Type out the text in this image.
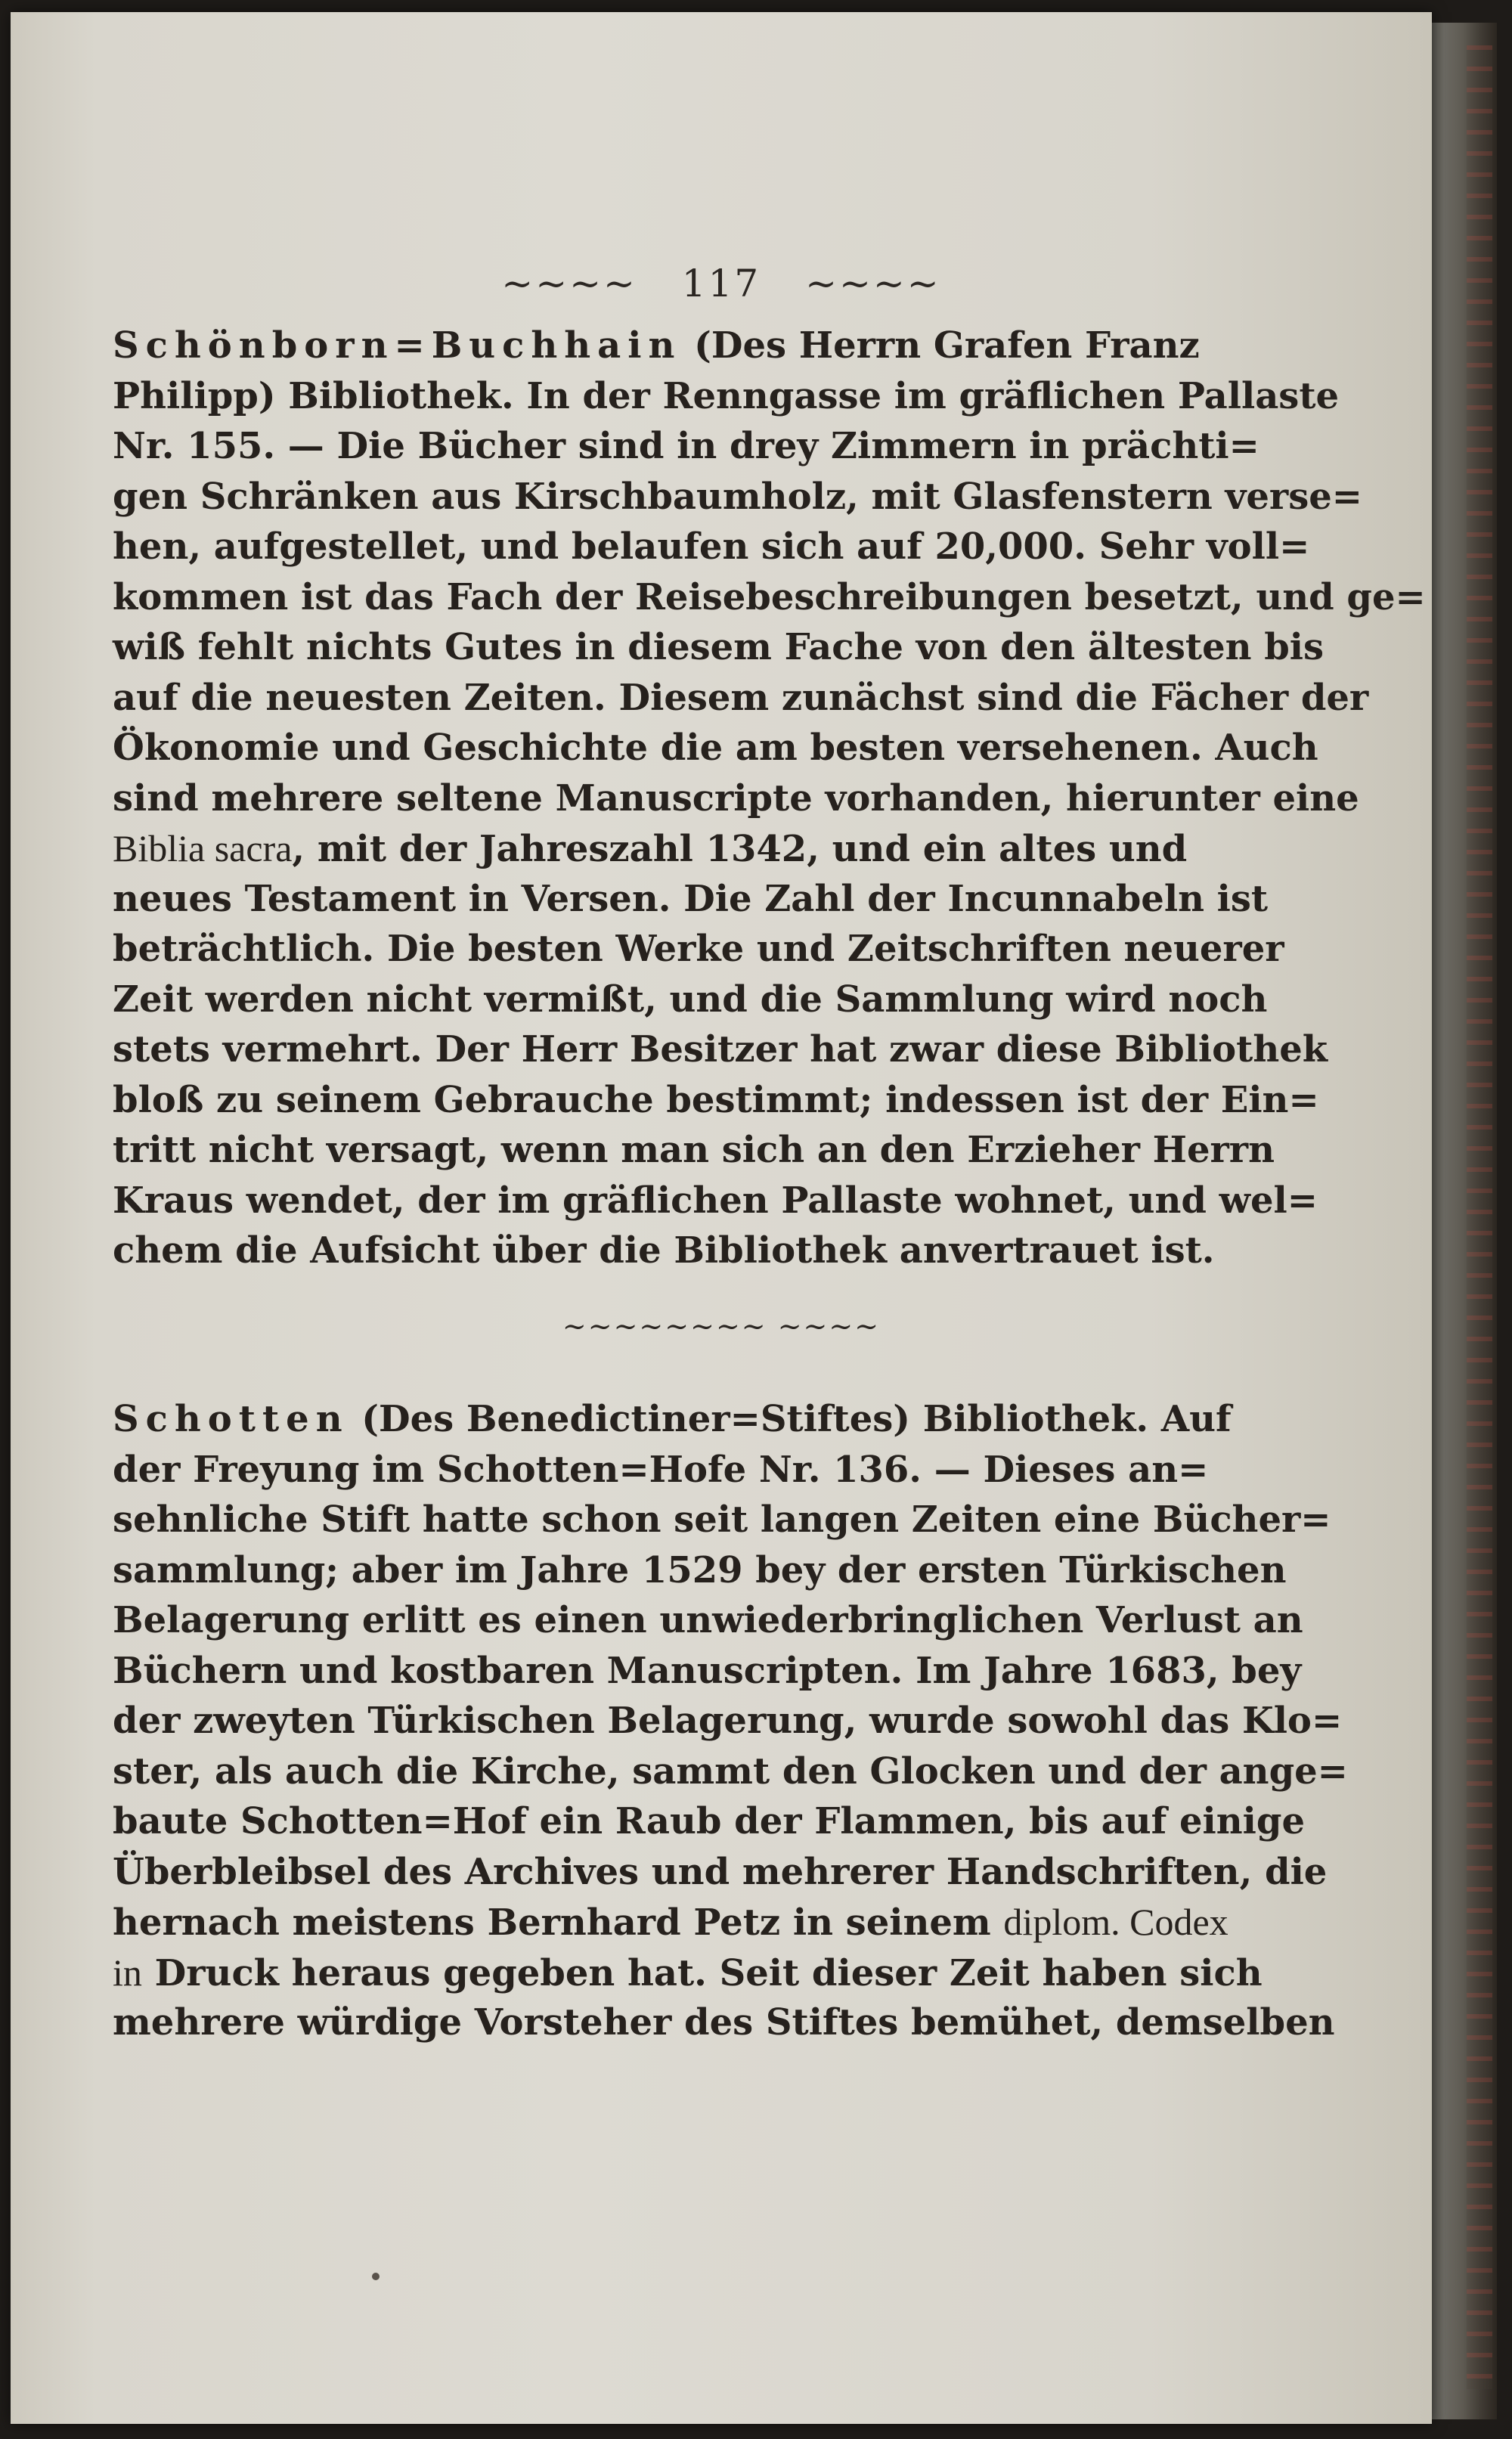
~~~~ 117 ~~~~
Schönborn=Buchhain (Des Herrn Grafen Franz
Philipp) Bibliothek. In der Renngasse im gräflichen Pallaste
Nr. 155. — Die Bücher sind in drey Zimmern in prächti=
gen Schränken aus Kirschbaumholz, mit Glasfenstern verse=
hen, aufgestellet, und belaufen sich auf 20,000. Sehr voll=
kommen ist das Fach der Reisebeschreibungen besetzt, und ge=
wiß fehlt nichts Gutes in diesem Fache von den ältesten bis
auf die neuesten Zeiten. Diesem zunächst sind die Fächer der
Ökonomie und Geschichte die am besten versehenen. Auch
sind mehrere seltene Manuscripte vorhanden, hierunter eine
Biblia sacra, mit der Jahreszahl 1342, und ein altes und
neues Testament in Versen. Die Zahl der Incunnabeln ist
beträchtlich. Die besten Werke und Zeitschriften neuerer
Zeit werden nicht vermißt, und die Sammlung wird noch
stets vermehrt. Der Herr Besitzer hat zwar diese Bibliothek
bloß zu seinem Gebrauche bestimmt; indessen ist der Ein=
tritt nicht versagt, wenn man sich an den Erzieher Herrn
Kraus wendet, der im gräflichen Pallaste wohnet, und wel=
chem die Aufsicht über die Bibliothek anvertrauet ist.
~~~~~~~~ ~~~~
Schotten (Des Benedictiner=Stiftes) Bibliothek. Auf
der Freyung im Schotten=Hofe Nr. 136. — Dieses an=
sehnliche Stift hatte schon seit langen Zeiten eine Bücher=
sammlung; aber im Jahre 1529 bey der ersten Türkischen
Belagerung erlitt es einen unwiederbringlichen Verlust an
Büchern und kostbaren Manuscripten. Im Jahre 1683, bey
der zweyten Türkischen Belagerung, wurde sowohl das Klo=
ster, als auch die Kirche, sammt den Glocken und der ange=
baute Schotten=Hof ein Raub der Flammen, bis auf einige
Überbleibsel des Archives und mehrerer Handschriften, die
hernach meistens Bernhard Petz in seinem diplom. Codex
in Druck heraus gegeben hat. Seit dieser Zeit haben sich
mehrere würdige Vorsteher des Stiftes bemühet, demselben
